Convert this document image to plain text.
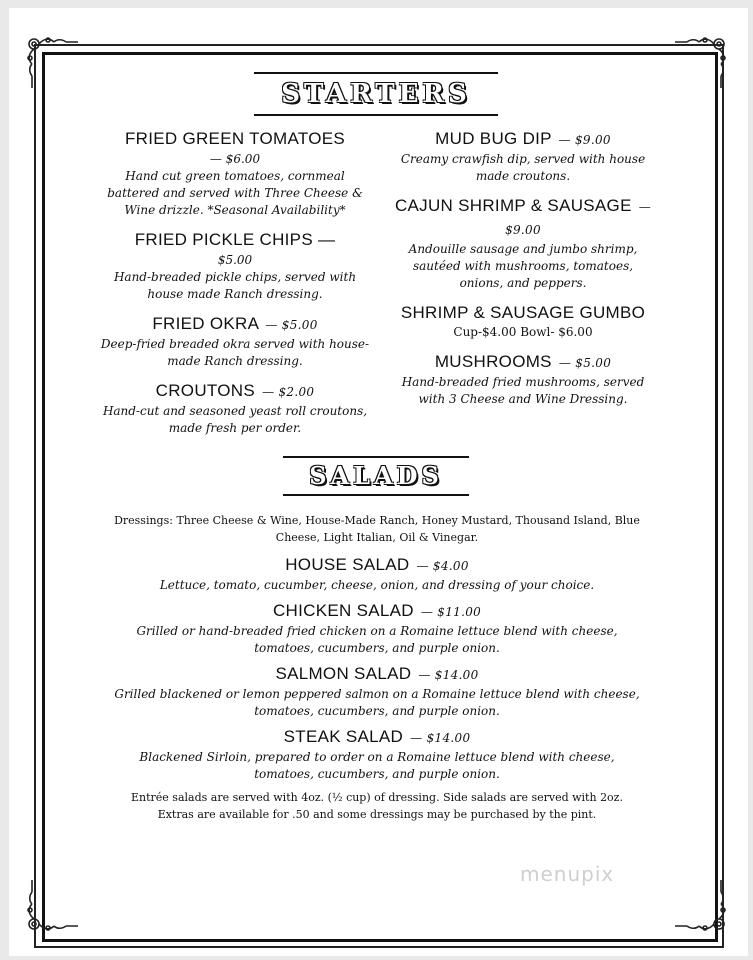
STARTERS
FRIED GREEN TOMATOES
— $6.00
Hand cut green tomatoes, cornmeal battered and served with Three Cheese & Wine drizzle. *Seasonal Availability*
FRIED PICKLE CHIPS —
$5.00
Hand-breaded pickle chips, served with house made Ranch dressing.
FRIED OKRA — $5.00
Deep-fried breaded okra served with house-made Ranch dressing.
CROUTONS — $2.00
Hand-cut and seasoned yeast roll croutons, made fresh per order.
MUD BUG DIP — $9.00
Creamy crawfish dip, served with house made croutons.
CAJUN SHRIMP & SAUSAGE — $9.00
Andouille sausage and jumbo shrimp, sautéed with mushrooms, tomatoes, onions, and peppers.
SHRIMP & SAUSAGE GUMBO
Cup-$4.00 Bowl- $6.00
MUSHROOMS — $5.00
Hand-breaded fried mushrooms, served with 3 Cheese and Wine Dressing.
SALADS
Dressings: Three Cheese & Wine, House-Made Ranch, Honey Mustard, Thousand Island, Blue Cheese, Light Italian, Oil & Vinegar.
HOUSE SALAD — $4.00
Lettuce, tomato, cucumber, cheese, onion, and dressing of your choice.
CHICKEN SALAD — $11.00
Grilled or hand-breaded fried chicken on a Romaine lettuce blend with cheese, tomatoes, cucumbers, and purple onion.
SALMON SALAD — $14.00
Grilled blackened or lemon peppered salmon on a Romaine lettuce blend with cheese, tomatoes, cucumbers, and purple onion.
STEAK SALAD — $14.00
Blackened Sirloin, prepared to order on a Romaine lettuce blend with cheese, tomatoes, cucumbers, and purple onion.
Entrée salads are served with 4oz. (½ cup) of dressing. Side salads are served with 2oz. Extras are available for .50 and some dressings may be purchased by the pint.
menupix
